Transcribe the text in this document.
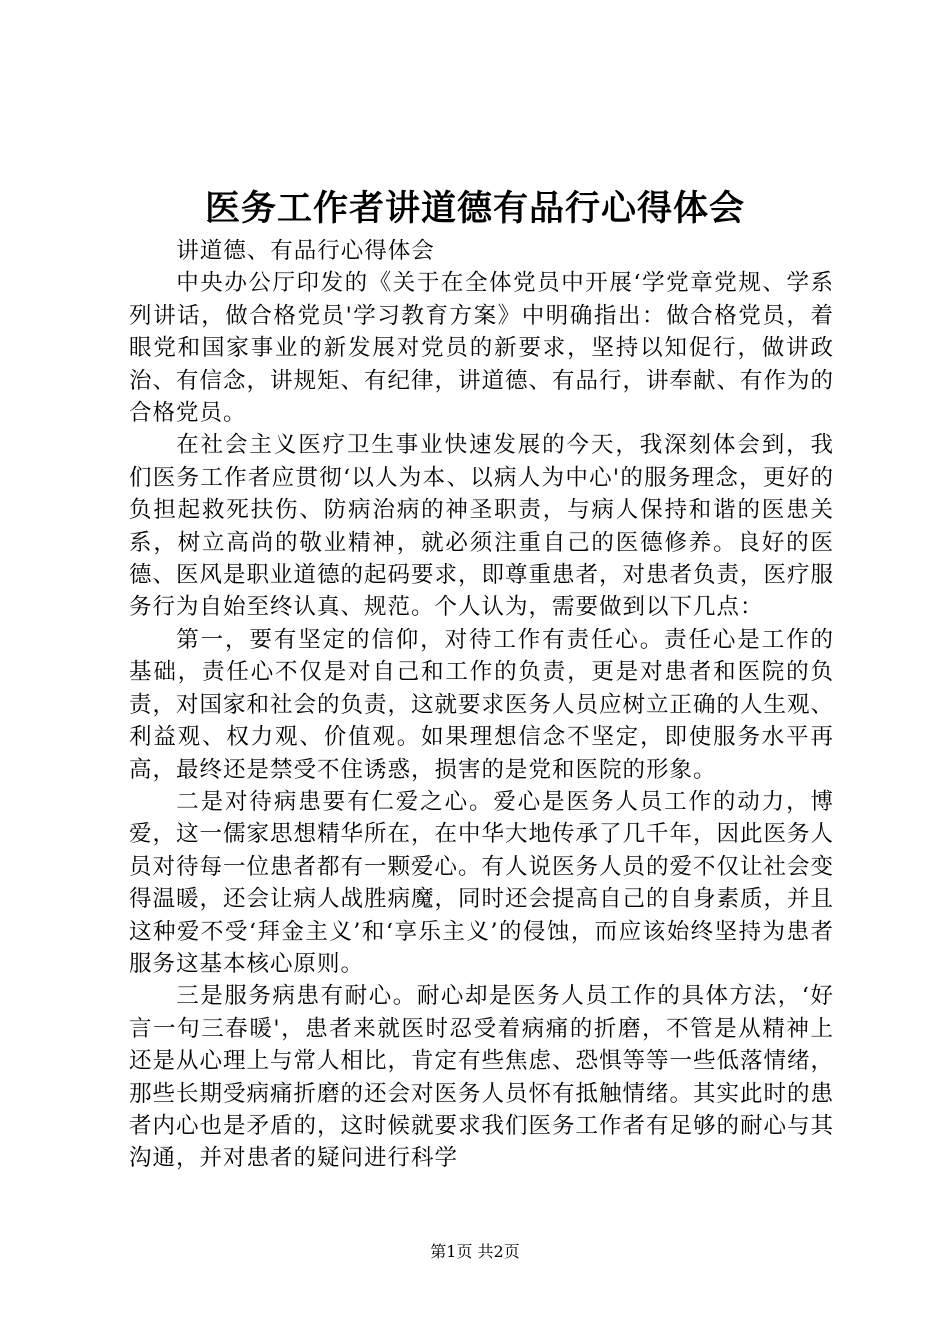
医务工作者讲道德有品行心得体会

讲道德、有品行心得体会

中央办公厅印发的《关于在全体党员中开展‘学党章党规、学系列讲话，做合格党员'学习教育方案》中明确指出：做合格党员，着眼党和国家事业的新发展对党员的新要求，坚持以知促行，做讲政治、有信念，讲规矩、有纪律，讲道德、有品行，讲奉献、有作为的合格党员。

在社会主义医疗卫生事业快速发展的今天，我深刻体会到，我们医务工作者应贯彻‘以人为本、以病人为中心'的服务理念，更好的负担起救死扶伤、防病治病的神圣职责，与病人保持和谐的医患关系，树立高尚的敬业精神，就必须注重自己的医德修养。良好的医德、医风是职业道德的起码要求，即尊重患者，对患者负责，医疗服务行为自始至终认真、规范。个人认为，需要做到以下几点：

第一，要有坚定的信仰，对待工作有责任心。责任心是工作的基础，责任心不仅是对自己和工作的负责，更是对患者和医院的负责，对国家和社会的负责，这就要求医务人员应树立正确的人生观、利益观、权力观、价值观。如果理想信念不坚定，即使服务水平再高，最终还是禁受不住诱惑，损害的是党和医院的形象。

二是对待病患要有仁爱之心。爱心是医务人员工作的动力，博爱，这一儒家思想精华所在，在中华大地传承了几千年，因此医务人员对待每一位患者都有一颗爱心。有人说医务人员的爱不仅让社会变得温暖，还会让病人战胜病魔，同时还会提高自己的自身素质，并且这种爱不受‘拜金主义’和‘享乐主义’的侵蚀，而应该始终坚持为患者服务这基本核心原则。

三是服务病患有耐心。耐心却是医务人员工作的具体方法，‘好言一句三春暖'，患者来就医时忍受着病痛的折磨，不管是从精神上还是从心理上与常人相比，肯定有些焦虑、恐惧等等一些低落情绪，那些长期受病痛折磨的还会对医务人员怀有抵触情绪。其实此时的患者内心也是矛盾的，这时候就要求我们医务工作者有足够的耐心与其沟通，并对患者的疑问进行科学

第1页 共2页
